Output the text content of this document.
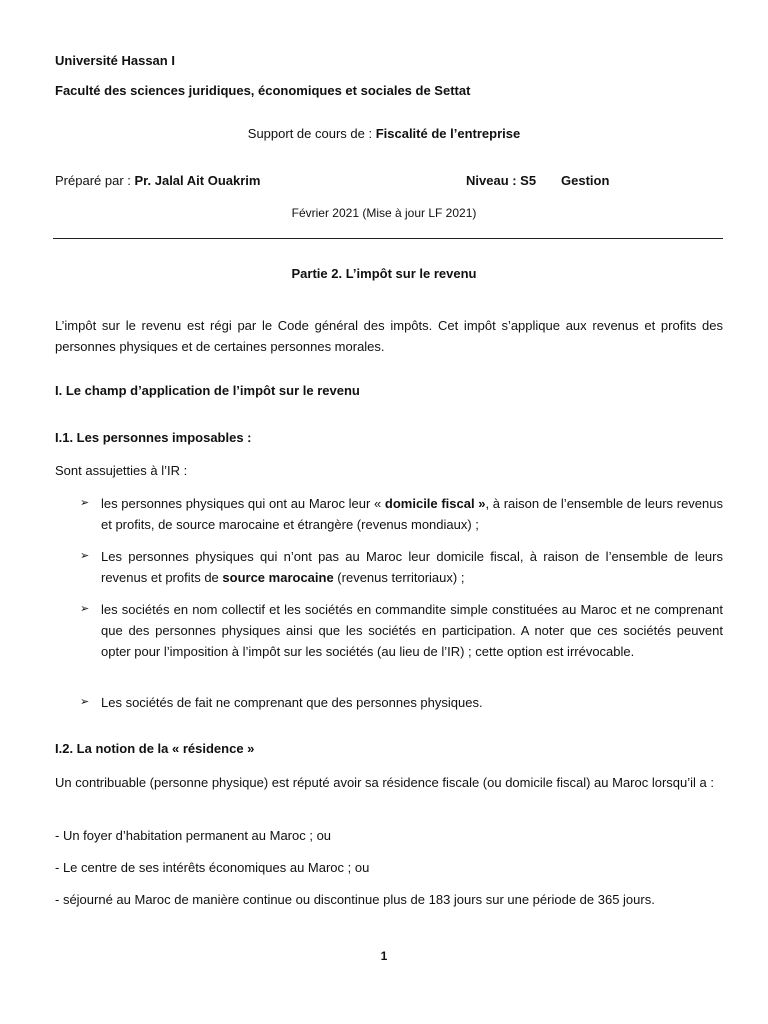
Université Hassan I
Faculté des sciences juridiques, économiques et sociales de Settat
Support de cours de : Fiscalité de l’entreprise
Préparé par : Pr. Jalal Ait Ouakrim	Niveau : S5 Gestion
Février 2021 (Mise à jour LF 2021)
Partie 2. L’impôt sur le revenu
L’impôt sur le revenu est régi par le Code général des impôts. Cet impôt s’applique aux revenus et profits des personnes physiques et de certaines personnes morales.
I. Le champ d’application de l’impôt sur le revenu
I.1. Les personnes imposables :
Sont assujetties à l’IR :
➢ les personnes physiques qui ont au Maroc leur « domicile fiscal », à raison de l’ensemble de leurs revenus et profits, de source marocaine et étrangère (revenus mondiaux) ;
➢ Les personnes physiques qui n’ont pas au Maroc leur domicile fiscal, à raison de l’ensemble de leurs revenus et profits de source marocaine (revenus territoriaux) ;
➢ les sociétés en nom collectif et les sociétés en commandite simple constituées au Maroc et ne comprenant que des personnes physiques ainsi que les sociétés en participation. A noter que ces sociétés peuvent opter pour l’imposition à l’impôt sur les sociétés (au lieu de l’IR) ; cette option est irrévocable.
➢ Les sociétés de fait ne comprenant que des personnes physiques.
I.2. La notion de la « résidence »
Un contribuable (personne physique) est réputé avoir sa résidence fiscale (ou domicile fiscal) au Maroc lorsqu’il a :
- Un foyer d’habitation permanent au Maroc ; ou
- Le centre de ses intérêts économiques au Maroc ; ou
- séjourné au Maroc de manière continue ou discontinue plus de 183 jours sur une période de 365 jours.
1
